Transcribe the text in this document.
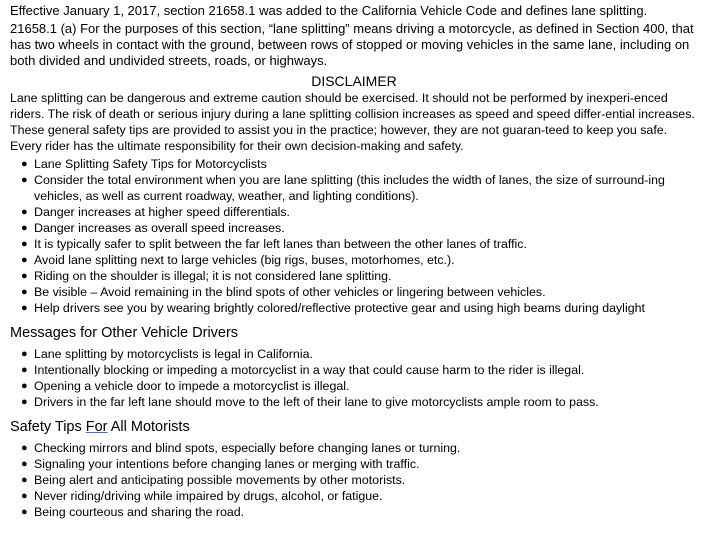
Effective January 1, 2017, section 21658.1 was added to the California Vehicle Code and defines lane splitting.

21658.1 (a) For the purposes of this section, “lane splitting” means driving a motorcycle, as defined in Section 400, that has two wheels in contact with the ground, between rows of stopped or moving vehicles in the same lane, including on both divided and undivided streets, roads, or highways.

DISCLAIMER

Lane splitting can be dangerous and extreme caution should be exercised. It should not be performed by inexperi-enced riders. The risk of death or serious injury during a lane splitting collision increases as speed and speed differ-ential increases. These general safety tips are provided to assist you in the practice; however, they are not guaran-teed to keep you safe. Every rider has the ultimate responsibility for their own decision-making and safety.

● Lane Splitting Safety Tips for Motorcyclists
● Consider the total environment when you are lane splitting (this includes the width of lanes, the size of surround-ing vehicles, as well as current roadway, weather, and lighting conditions).
● Danger increases at higher speed differentials.
● Danger increases as overall speed increases.
● It is typically safer to split between the far left lanes than between the other lanes of traffic.
● Avoid lane splitting next to large vehicles (big rigs, buses, motorhomes, etc.).
● Riding on the shoulder is illegal; it is not considered lane splitting.
● Be visible – Avoid remaining in the blind spots of other vehicles or lingering between vehicles.
● Help drivers see you by wearing brightly colored/reflective protective gear and using high beams during daylight
Messages for Other Vehicle Drivers
● Lane splitting by motorcyclists is legal in California.
● Intentionally blocking or impeding a motorcyclist in a way that could cause harm to the rider is illegal.
● Opening a vehicle door to impede a motorcyclist is illegal.
● Drivers in the far left lane should move to the left of their lane to give motorcyclists ample room to pass.
Safety Tips For All Motorists
● Checking mirrors and blind spots, especially before changing lanes or turning.
● Signaling your intentions before changing lanes or merging with traffic.
● Being alert and anticipating possible movements by other motorists.
● Never riding/driving while impaired by drugs, alcohol, or fatigue.
● Being courteous and sharing the road.
